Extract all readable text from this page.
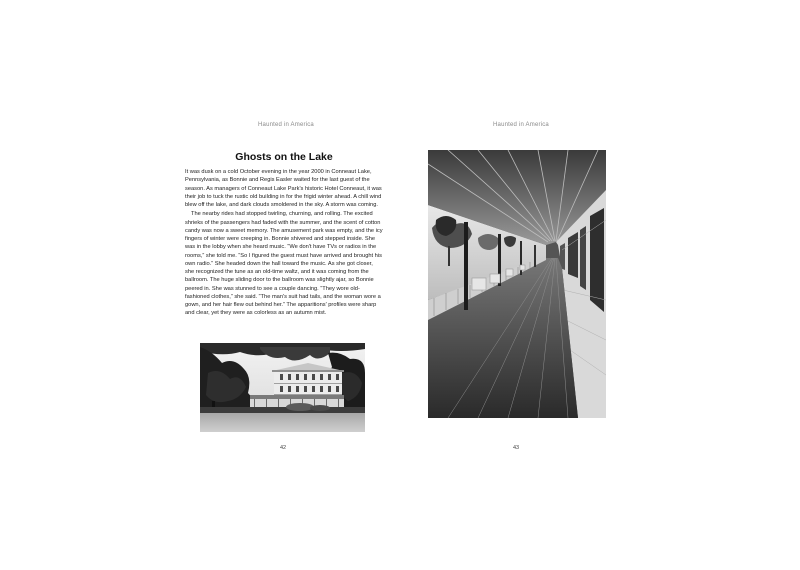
Haunted in America
Ghosts on the Lake

It was dusk on a cold October evening in the year 2000 in Conneaut Lake, Pennsylvania, as Bonnie and Regis Easler waited for the last guest of the season. As managers of Conneaut Lake Park's historic Hotel Conneaut, it was their job to tuck the rustic old building in for the frigid winter ahead. A chill wind blew off the lake, and dark clouds smoldered in the sky. A storm was coming.

The nearby rides had stopped twirling, churning, and rolling. The excited shrieks of the passengers had faded with the summer, and the scent of cotton candy was now a sweet memory. The amusement park was empty, and the icy fingers of winter were creeping in. Bonnie shivered and stepped inside. She was in the lobby when she heard music. “We don't have TVs or radios in the rooms,” she told me. “So I figured the guest must have arrived and brought his own radio.” She headed down the hall toward the music. As she got closer, she recognized the tune as an old-time waltz, and it was coming from the ballroom. The huge sliding door to the ballroom was slightly ajar, so Bonnie peered in. She was stunned to see a couple dancing. “They wore old-fashioned clothes,” she said. “The man's suit had tails, and the woman wore a gown, and her hair flew out behind her.” The apparitions' profiles were sharp and clear, yet they were as colorless as an autumn mist.

42
Haunted in America
43
